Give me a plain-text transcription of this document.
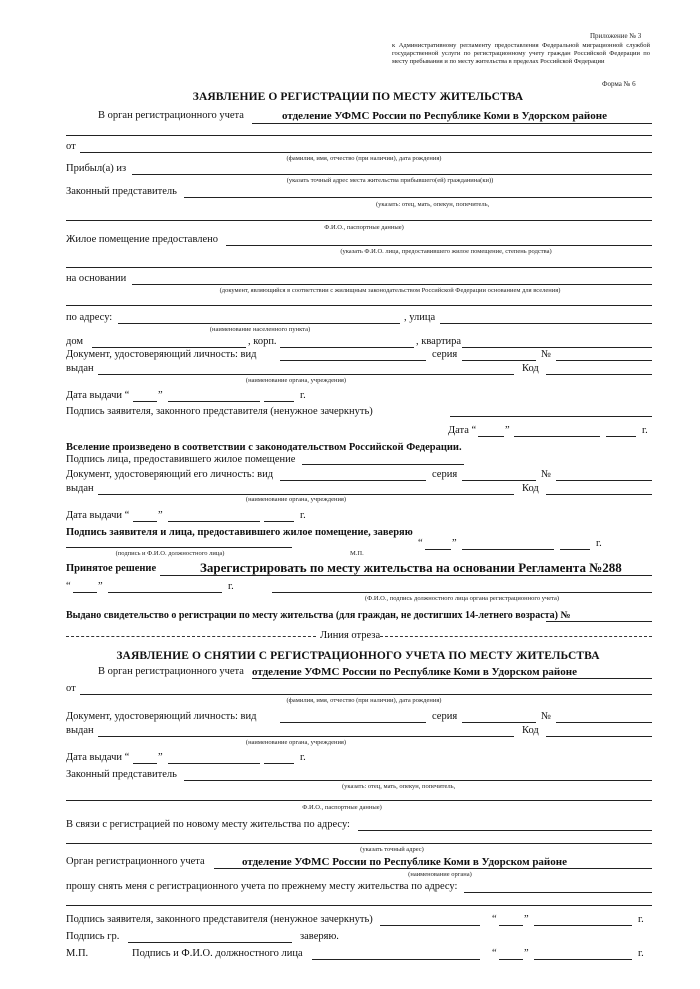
Приложение № 3
к Административному регламенту предоставления Федеральной миграционной службой государственной услуги по регистрационному учету граждан Российской Федерации по месту пребывания и по месту жительства в пределах Российской Федерации
Форма № 6
ЗАЯВЛЕНИЕ О РЕГИСТРАЦИИ ПО МЕСТУ ЖИТЕЛЬСТВА
В орган регистрационного учета	отделение УФМС России по Республике Коми в Удорском районе
от
(фамилия, имя, отчество (при наличии), дата рождения)
Прибыл(а) из
(указать точный адрес места жительства прибывшего(ей) гражданина(ки))
Законный представитель
(указать: отец, мать, опекун, попечитель,
Ф.И.О., паспортные данные)
Жилое помещение предоставлено
(указать Ф.И.О. лица, предоставившего жилое помещение, степень родства)
на основании
(документ, являющийся в соответствии с жилищным законодательством Российской Федерации основанием для вселения)
по адресу:	, улица
(наименование населенного пункта)
дом	, корп.	, квартира
Документ, удостоверяющий личность: вид	серия	№
выдан	Код
(наименование органа, учреждения)
Дата выдачи “	”	г.
Подпись заявителя, законного представителя (ненужное зачеркнуть)
Дата “	”	г.
Вселение произведено в соответствии с законодательством Российской Федерации.
Подпись лица, предоставившего жилое помещение
Документ, удостоверяющий его личность: вид	серия	№
выдан	Код
(наименование органа, учреждения)
Дата выдачи “	”	г.
Подпись заявителя и лица, предоставившего жилое помещение, заверяю
(подпись и Ф.И.О. должностного лица)	М.П.
“	”	г.
Принятое решение	Зарегистрировать по месту жительства на основании Регламента №288
“	”	г.
(Ф.И.О., подпись должностного лица органа регистрационного учета)
Выдано свидетельство о регистрации по месту жительства (для граждан, не достигших 14-летнего возраста) №
Линия отреза
ЗАЯВЛЕНИЕ О СНЯТИИ С РЕГИСТРАЦИОННОГО УЧЕТА ПО МЕСТУ ЖИТЕЛЬСТВА
В орган регистрационного учета отделение УФМС России по Республике Коми в Удорском районе
от
(фамилия, имя, отчество (при наличии), дата рождения)
Документ, удостоверяющий личность: вид	серия	№
выдан	Код
(наименование органа, учреждения)
Дата выдачи “	”	г.
Законный представитель
(указать: отец, мать, опекун, попечитель,
Ф.И.О., паспортные данные)
В связи с регистрацией по новому месту жительства по адресу:
(указать точный адрес)
Орган регистрационного учета	отделение УФМС России по Республике Коми в Удорском районе
(наименование органа)
прошу снять меня с регистрационного учета по прежнему месту жительства по адресу:
Подпись заявителя, законного представителя (ненужное зачеркнуть)	“	”	г.
Подпись гр.	заверяю.
М.П.	Подпись и Ф.И.О. должностного лица	“	”	г.
